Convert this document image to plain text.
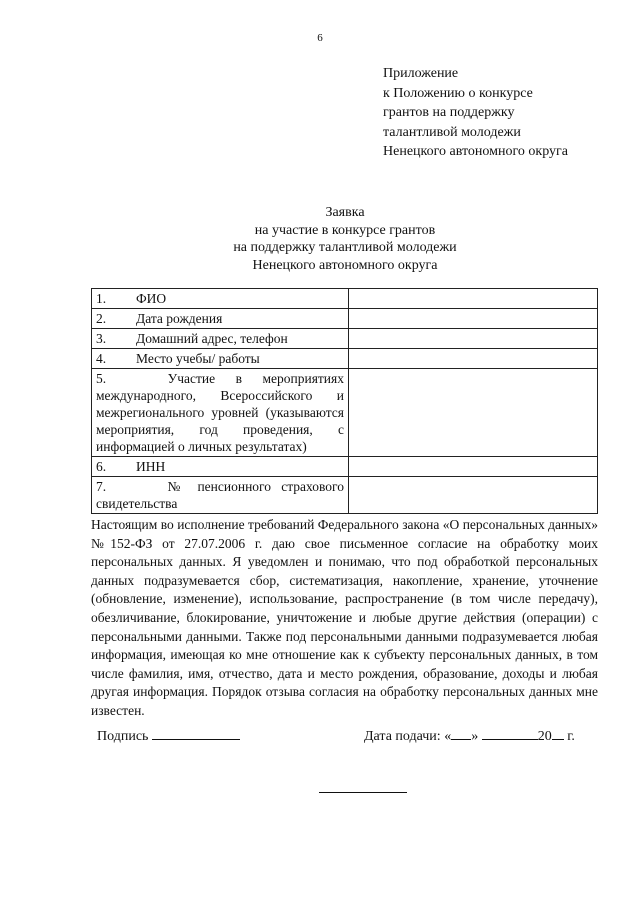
6
Приложение
к Положению о конкурсе
грантов на поддержку
талантливой молодежи
Ненецкого автономного округа
Заявка
на участие в конкурсе грантов
на поддержку талантливой молодежи
Ненецкого автономного округа
1. ФИО	
2. Дата рождения	
3. Домашний адрес, телефон	
4. Место учебы/ работы	
5. Участие в мероприятиях международного, Всероссийского и межрегионального уровней (указываются мероприятия, год проведения, с информацией о личных результатах)	
6. ИНН	
7. № пенсионного страхового свидетельства	
Настоящим во исполнение требований Федерального закона «О персональных данных» №152-ФЗ от 27.07.2006 г. даю свое письменное согласие на обработку моих персональных данных. Я уведомлен и понимаю, что под обработкой персональных данных подразумевается сбор, систематизация, накопление, хранение, уточнение (обновление, изменение), использование, распространение (в том числе передачу), обезличивание, блокирование, уничтожение и любые другие действия (операции) с персональными данными. Также под персональными данными подразумевается любая информация, имеющая ко мне отношение как к субъекту персональных данных, в том числе фамилия, имя, отчество, дата и место рождения, образование, доходы и любая другая информация. Порядок отзыва согласия на обработку персональных данных мне известен.
Подпись	Дата подачи: « »	20 г.
